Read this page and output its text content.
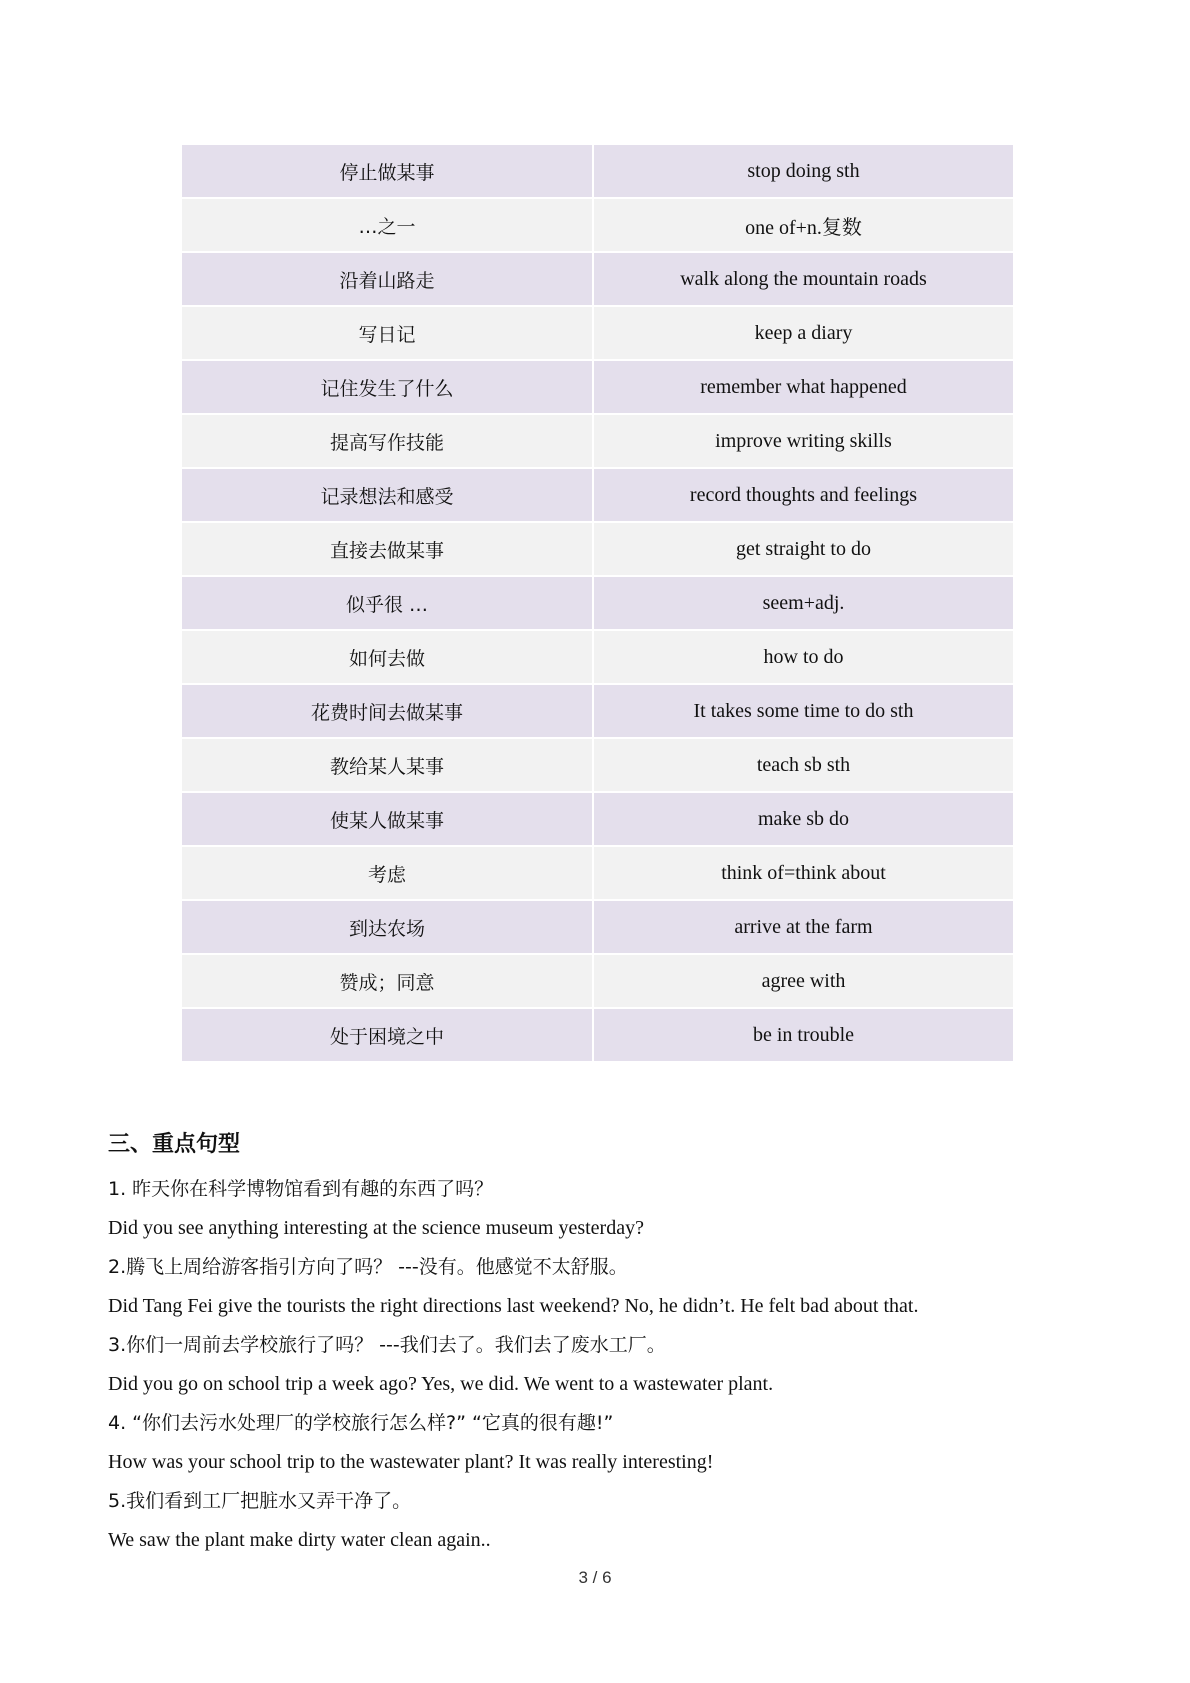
停止做某事	stop doing sth
…之一	one of+n.复数
沿着山路走	walk along the mountain roads
写日记	keep a diary
记住发生了什么	remember what happened
提高写作技能	improve writing skills
记录想法和感受	record thoughts and feelings
直接去做某事	get straight to do
似乎很 …	seem+adj.
如何去做	how to do
花费时间去做某事	It takes some time to do sth
教给某人某事	teach sb sth
使某人做某事	make sb do
考虑	think of=think about
到达农场	arrive at the farm
赞成；同意	agree with
处于困境之中	be in trouble
三、重点句型
1. 昨天你在科学博物馆看到有趣的东西了吗？
Did you see anything interesting at the science museum yesterday?
2.腾飞上周给游客指引方向了吗？ ---没有。他感觉不太舒服。
Did Tang Fei give the tourists the right directions last weekend? No, he didn’t. He felt bad about that.
3.你们一周前去学校旅行了吗？ ---我们去了。我们去了废水工厂。
Did you go on school trip a week ago? Yes, we did. We went to a wastewater plant.
4. “你们去污水处理厂的学校旅行怎么样?” “它真的很有趣!”
How was your school trip to the wastewater plant? It was really interesting!
5.我们看到工厂把脏水又弄干净了。
We saw the plant make dirty water clean again..
3 / 6
